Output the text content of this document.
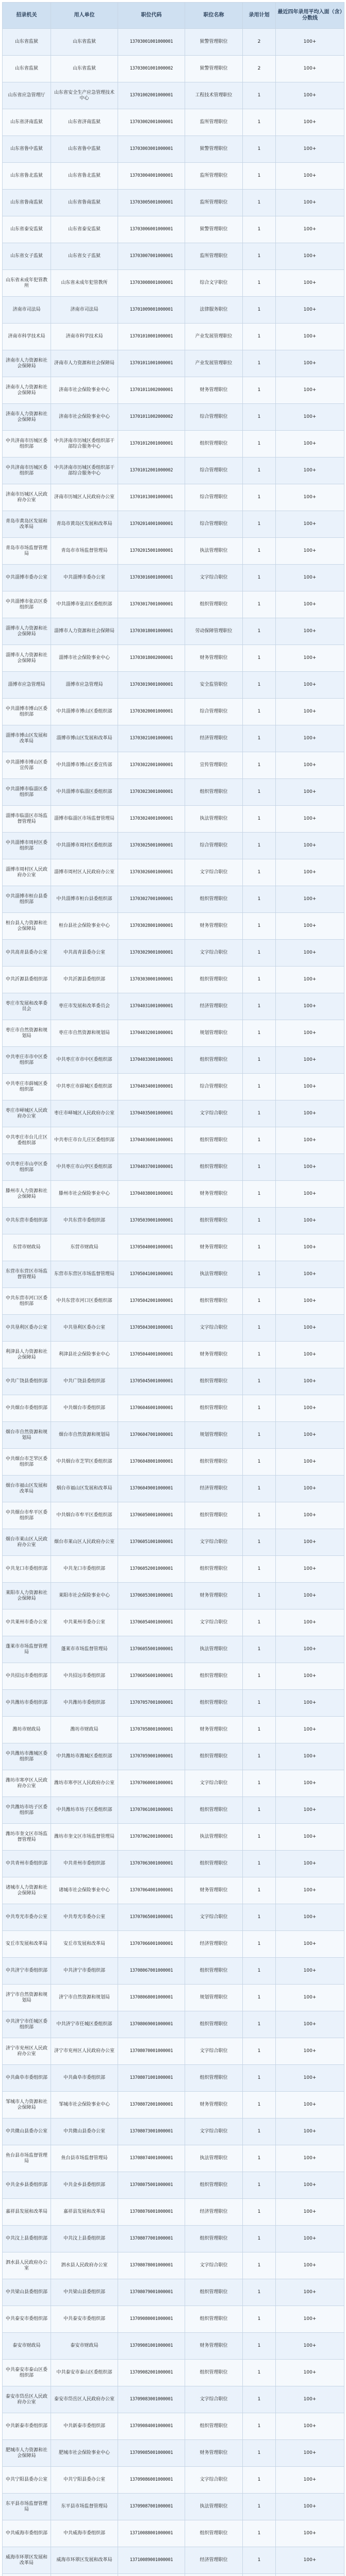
招录机关	用人单位	职位代码	职位名称	录用计划	最近四年录用平均入面（含）分数线
山东省监狱	山东省监狱	13703001001000001	狱警管理职位	2	100+
山东省监狱	山东省监狱	13703001001000002	狱警管理职位	2	100+
山东省应急管理厅	山东省安全生产应急管理技术中心	13701002001000001	工程技术管理职位	1	100+
山东省济南监狱	山东省济南监狱	13703002001000001	监所管理职位	1	100+
山东省鲁中监狱	山东省鲁中监狱	13703003001000001	狱警管理职位	1	100+
山东省鲁北监狱	山东省鲁北监狱	13703004001000001	监所管理职位	1	100+
山东省鲁南监狱	山东省鲁南监狱	13703005001000001	监所管理职位	1	100+
山东省泰安监狱	山东省泰安监狱	13703006001000001	狱警管理职位	1	100+
山东省女子监狱	山东省女子监狱	13703007001000001	监所管理职位	1	100+
山东省未成年犯管教所	山东省未成年犯管教所	13703008001000001	综合文字职位	1	100+
济南市司法局	济南市司法局	13701009001000001	法律服务职位	1	100+
济南市科学技术局	济南市科学技术局	13701010001000001	产业发展管理职位	1	100+
济南市人力资源和社会保障局	济南市人力资源和社会保障局	13701011001000001	产业发展管理职位	1	100+
济南市人力资源和社会保障局	济南市社会保险事业中心	13701011002000001	财务管理职位	1	100+
济南市人力资源和社会保障局	济南市社会保险事业中心	13701011002000002	综合管理职位	1	100+
中共济南市历城区委组织部	中共济南市历城区委组织部干部综合服务中心	13701012001000001	组织管理职位	1	100+
中共济南市历城区委组织部	中共济南市历城区委组织部干部综合服务中心	13701012001000002	综合管理职位	1	100+
济南市历城区人民政府办公室	济南市历城区人民政府办公室	13701013001000001	综合管理职位	1	100+
青岛市黄岛区发展和改革局	青岛市黄岛区发展和改革局	13702014001000001	综合管理职位	1	100+
青岛市市场监督管理局	青岛市市场监督管理局	13702015001000001	执法管理职位	1	100+
中共淄博市委办公室	中共淄博市委办公室	13703016001000001	文字综合职位	1	100+
中共淄博市张店区委组织部	中共淄博市张店区委组织部	13703017001000001	组织管理职位	1	100+
淄博市人力资源和社会保障局	淄博市人力资源和社会保障局	13703018001000001	劳动保障管理职位	1	100+
淄博市人力资源和社会保障局	淄博市社会保险事业中心	13703018002000001	财务管理职位	1	100+
淄博市应急管理局	淄博市应急管理局	13703019001000001	安全监管职位	1	100+
中共淄博市博山区委组织部	中共淄博市博山区委组织部	13703020001000001	综合管理职位	1	100+
淄博市博山区发展和改革局	淄博市博山区发展和改革局	13703021001000001	经济管理职位	1	100+
中共淄博市博山区委宣传部	中共淄博市博山区委宣传部	13703022001000001	宣传管理职位	1	100+
中共淄博市临淄区委组织部	中共淄博市临淄区委组织部	13703023001000001	组织管理职位	1	100+
淄博市临淄区市场监督管理局	淄博市临淄区市场监督管理局	13703024001000001	执法管理职位	1	100+
中共淄博市周村区委组织部	中共淄博市周村区委组织部	13703025001000001	综合管理职位	1	100+
淄博市周村区人民政府办公室	淄博市周村区人民政府办公室	13703026001000001	文字综合职位	1	100+
中共淄博市桓台县委组织部	中共淄博市桓台县委组织部	13703027001000001	组织管理职位	1	100+
桓台县人力资源和社会保障局	桓台县社会保险事业中心	13703028001000001	财务管理职位	1	100+
中共高青县委办公室	中共高青县委办公室	13703029001000001	文字综合职位	1	100+
中共沂源县委组织部	中共沂源县委组织部	13703030001000001	组织管理职位	1	100+
枣庄市发展和改革委员会	枣庄市发展和改革委员会	13704031001000001	经济管理职位	1	100+
枣庄市自然资源和规划局	枣庄市自然资源和规划局	13704032001000001	规划管理职位	1	100+
中共枣庄市市中区委组织部	中共枣庄市市中区委组织部	13704033001000001	组织管理职位	1	100+
中共枣庄市薛城区委组织部	中共枣庄市薛城区委组织部	13704034001000001	综合管理职位	1	100+
枣庄市峄城区人民政府办公室	枣庄市峄城区人民政府办公室	13704035001000001	文字综合职位	1	100+
中共枣庄市台儿庄区委组织部	中共枣庄市台儿庄区委组织部	13704036001000001	组织管理职位	1	100+
中共枣庄市山亭区委组织部	中共枣庄市山亭区委组织部	13704037001000001	组织管理职位	1	100+
滕州市人力资源和社会保障局	滕州市社会保险事业中心	13704038001000001	财务管理职位	1	100+
中共东营市委组织部	中共东营市委组织部	13705039001000001	组织管理职位	1	100+
东营市财政局	东营市财政局	13705040001000001	财务管理职位	1	100+
东营市东营区市场监督管理局	东营市东营区市场监督管理局	13705041001000001	执法管理职位	1	100+
中共东营市河口区委组织部	中共东营市河口区委组织部	13705042001000001	组织管理职位	1	100+
中共垦利区委办公室	中共垦利区委办公室	13705043001000001	文字综合职位	1	100+
利津县人力资源和社会保障局	利津县社会保险事业中心	13705044001000001	财务管理职位	1	100+
中共广饶县委组织部	中共广饶县委组织部	13705045001000001	组织管理职位	1	100+
中共烟台市委组织部	中共烟台市委组织部	13706046001000001	组织管理职位	1	100+
烟台市自然资源和规划局	烟台市自然资源和规划局	13706047001000001	规划管理职位	1	100+
中共烟台市芝罘区委组织部	中共烟台市芝罘区委组织部	13706048001000001	组织管理职位	1	100+
烟台市福山区发展和改革局	烟台市福山区发展和改革局	13706049001000001	经济管理职位	1	100+
中共烟台市牟平区委组织部	中共烟台市牟平区委组织部	13706050001000001	组织管理职位	1	100+
烟台市莱山区人民政府办公室	烟台市莱山区人民政府办公室	13706051001000001	文字综合职位	1	100+
中共龙口市委组织部	中共龙口市委组织部	13706052001000001	组织管理职位	1	100+
莱阳市人力资源和社会保障局	莱阳市社会保险事业中心	13706053001000001	财务管理职位	1	100+
中共莱州市委办公室	中共莱州市委办公室	13706054001000001	文字综合职位	1	100+
蓬莱市市场监督管理局	蓬莱市市场监督管理局	13706055001000001	执法管理职位	1	100+
中共招远市委组织部	中共招远市委组织部	13706056001000001	组织管理职位	1	100+
中共潍坊市委组织部	中共潍坊市委组织部	13707057001000001	组织管理职位	1	100+
潍坊市财政局	潍坊市财政局	13707058001000001	财务管理职位	1	100+
中共潍坊市潍城区委组织部	中共潍坊市潍城区委组织部	13707059001000001	组织管理职位	1	100+
潍坊市寒亭区人民政府办公室	潍坊市寒亭区人民政府办公室	13707060001000001	文字综合职位	1	100+
中共潍坊市坊子区委组织部	中共潍坊市坊子区委组织部	13707061001000001	组织管理职位	1	100+
潍坊市奎文区市场监督管理局	潍坊市奎文区市场监督管理局	13707062001000001	执法管理职位	1	100+
中共青州市委组织部	中共青州市委组织部	13707063001000001	组织管理职位	1	100+
诸城市人力资源和社会保障局	诸城市社会保险事业中心	13707064001000001	财务管理职位	1	100+
中共寿光市委办公室	中共寿光市委办公室	13707065001000001	文字综合职位	1	100+
安丘市发展和改革局	安丘市发展和改革局	13707066001000001	经济管理职位	1	100+
中共济宁市委组织部	中共济宁市委组织部	13708067001000001	组织管理职位	1	100+
济宁市自然资源和规划局	济宁市自然资源和规划局	13708068001000001	规划管理职位	1	100+
中共济宁市任城区委组织部	中共济宁市任城区委组织部	13708069001000001	组织管理职位	1	100+
济宁市兖州区人民政府办公室	济宁市兖州区人民政府办公室	13708070001000001	文字综合职位	1	100+
中共曲阜市委组织部	中共曲阜市委组织部	13708071001000001	组织管理职位	1	100+
邹城市人力资源和社会保障局	邹城市社会保险事业中心	13708072001000001	财务管理职位	1	100+
中共微山县委办公室	中共微山县委办公室	13708073001000001	文字综合职位	1	100+
鱼台县市场监督管理局	鱼台县市场监督管理局	13708074001000001	执法管理职位	1	100+
中共金乡县委组织部	中共金乡县委组织部	13708075001000001	组织管理职位	1	100+
嘉祥县发展和改革局	嘉祥县发展和改革局	13708076001000001	经济管理职位	1	100+
中共汶上县委组织部	中共汶上县委组织部	13708077001000001	组织管理职位	1	100+
泗水县人民政府办公室	泗水县人民政府办公室	13708078001000001	文字综合职位	1	100+
中共梁山县委组织部	中共梁山县委组织部	13708079001000001	组织管理职位	1	100+
中共泰安市委组织部	中共泰安市委组织部	13709080001000001	组织管理职位	1	100+
泰安市财政局	泰安市财政局	13709081001000001	财务管理职位	1	100+
中共泰安市泰山区委组织部	中共泰安市泰山区委组织部	13709082001000001	组织管理职位	1	100+
泰安市岱岳区人民政府办公室	泰安市岱岳区人民政府办公室	13709083001000001	文字综合职位	1	100+
中共新泰市委组织部	中共新泰市委组织部	13709084001000001	组织管理职位	1	100+
肥城市人力资源和社会保障局	肥城市社会保险事业中心	13709085001000001	财务管理职位	1	100+
中共宁阳县委办公室	中共宁阳县委办公室	13709086001000001	文字综合职位	1	100+
东平县市场监督管理局	东平县市场监督管理局	13709087001000001	执法管理职位	1	100+
中共威海市委组织部	中共威海市委组织部	13710088001000001	组织管理职位	1	100+
威海市环翠区发展和改革局	威海市环翠区发展和改革局	13710089001000001	经济管理职位	1	100+
